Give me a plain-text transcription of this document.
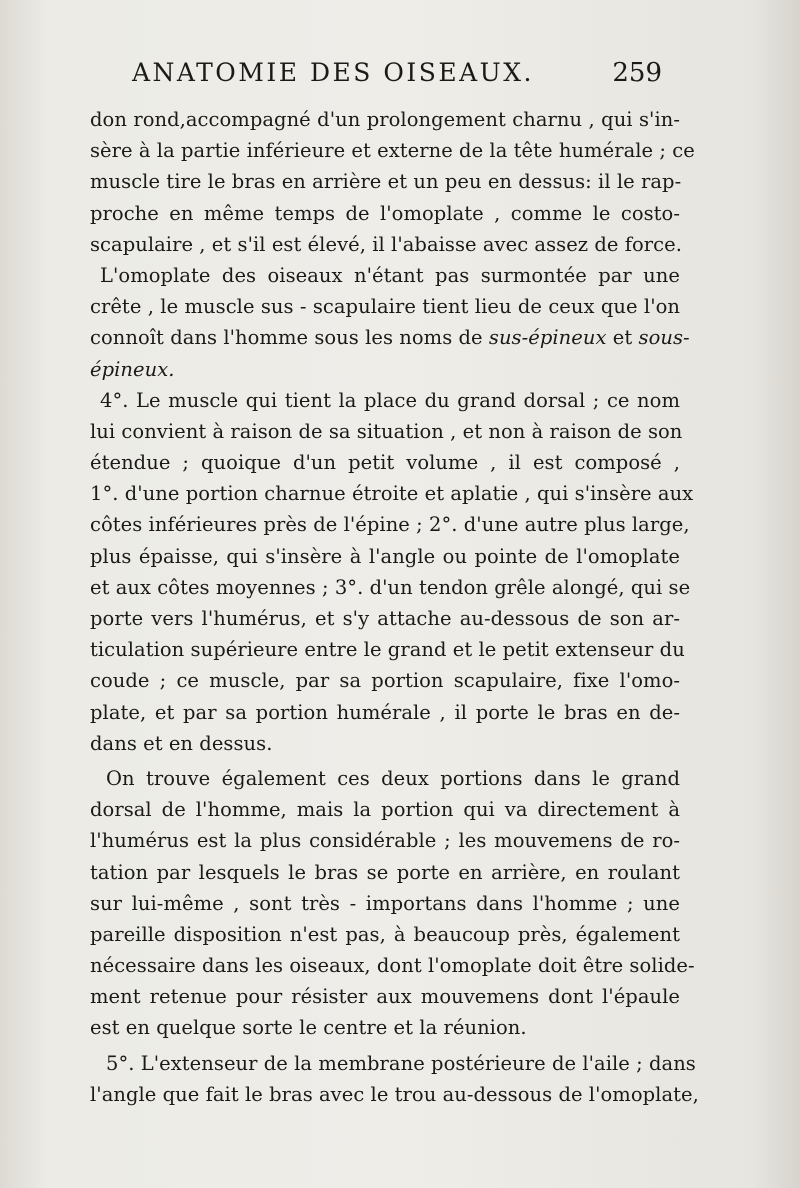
ANATOMIE DES OISEAUX.	259
don rond,accompagné d'un prolongement charnu , qui s'in-
sère à la partie inférieure et externe de la tête humérale ; ce
muscle tire le bras en arrière et un peu en dessus: il le rap-
proche en même temps de l'omoplate , comme le costo-
scapulaire , et s'il est élevé, il l'abaisse avec assez de force.
L'omoplate des oiseaux n'étant pas surmontée par une
crête , le muscle sus - scapulaire tient lieu de ceux que l'on
connoît dans l'homme sous les noms de sus-épineux et sous-
épineux.
4°. Le muscle qui tient la place du grand dorsal ; ce nom
lui convient à raison de sa situation , et non à raison de son
étendue ; quoique d'un petit volume , il est composé ,
1°. d'une portion charnue étroite et aplatie , qui s'insère aux
côtes inférieures près de l'épine ; 2°. d'une autre plus large,
plus épaisse, qui s'insère à l'angle ou pointe de l'omoplate
et aux côtes moyennes ; 3°. d'un tendon grêle alongé, qui se
porte vers l'humérus, et s'y attache au-dessous de son ar-
ticulation supérieure entre le grand et le petit extenseur du
coude ; ce muscle, par sa portion scapulaire, fixe l'omo-
plate, et par sa portion humérale , il porte le bras en de-
dans et en dessus.
On trouve également ces deux portions dans le grand
dorsal de l'homme, mais la portion qui va directement à
l'humérus est la plus considérable ; les mouvemens de ro-
tation par lesquels le bras se porte en arrière, en roulant
sur lui-même , sont très - importans dans l'homme ; une
pareille disposition n'est pas, à beaucoup près, également
nécessaire dans les oiseaux, dont l'omoplate doit être solide-
ment retenue pour résister aux mouvemens dont l'épaule
est en quelque sorte le centre et la réunion.
5°. L'extenseur de la membrane postérieure de l'aile ; dans
l'angle que fait le bras avec le trou au-dessous de l'omoplate,
